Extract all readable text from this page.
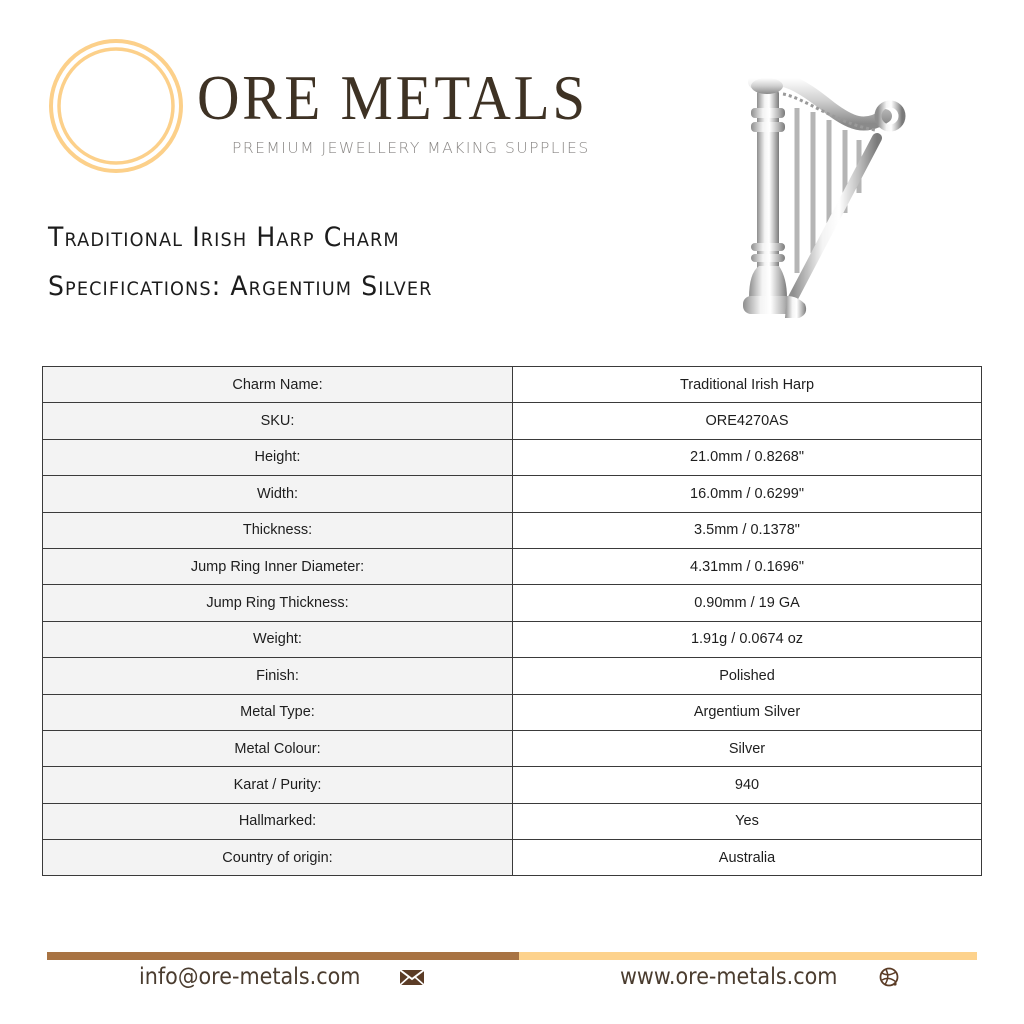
ORE METALS
PREMIUM JEWELLERY MAKING SUPPLIES
Traditional Irish Harp Charm
Specifications: Argentium Silver
Charm Name:	Traditional Irish Harp
SKU:	ORE4270AS
Height:	21.0mm / 0.8268"
Width:	16.0mm / 0.6299"
Thickness:	3.5mm / 0.1378"
Jump Ring Inner Diameter:	4.31mm / 0.1696"
Jump Ring Thickness:	0.90mm / 19 GA
Weight:	1.91g / 0.0674 oz
Finish:	Polished
Metal Type:	Argentium Silver
Metal Colour:	Silver
Karat / Purity:	940
Hallmarked:	Yes
Country of origin:	Australia
info@ore-metals.com	www.ore-metals.com
